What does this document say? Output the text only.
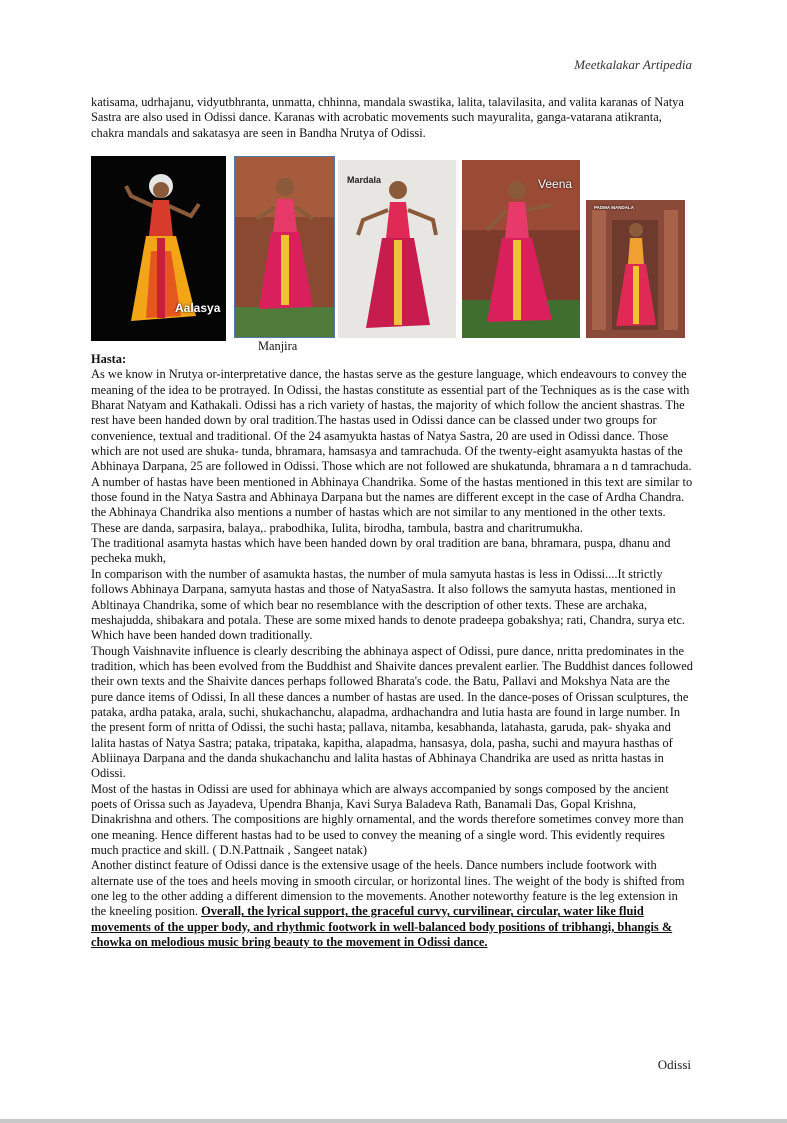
Meetkalakar Artipedia

katisama, udrhajanu, vidyutbhranta, unmatta, chhinna, mandala swastika, lalita, talavilasita, and valita karanas of Natya Sastra are also used in Odissi dance. Karanas with acrobatic movements such mayuralita, ganga-vatarana atikranta, chakra mandals and sakatasya are seen in Bandha Nrutya of Odissi.

Aalasya
Mardala	Veena
PADMA MANDALA
Manjira

Hasta:

As we know in Nrutya or-interpretative dance, the hastas serve as the gesture language, which endeavours to convey the meaning of the idea to be protrayed. In Odissi, the hastas constitute as essential part of the Techniques as is the case with Bharat Natyam and Kathakali. Odissi has a rich variety of hastas, the majority of which follow the ancient shastras. The rest have been handed down by oral tradition.The hastas used in Odissi dance can be classed under two groups for convenience, textual and traditional. Of the 24 asamyukta hastas of Natya Sastra, 20 are used in Odissi dance. Those which are not used are shuka- tunda, bhramara, hamsasya and tamrachuda. Of the twenty-eight asamyukta hastas of the Abhinaya Darpana, 25 are followed in Odissi. Those which are not followed are shukatunda, bhramara a n d tamrachuda. A number of hastas have been mentioned in Abhinaya Chandrika. Some of the hastas mentioned in this text are similar to those found in the Natya Sastra and Abhinaya Darpana but the names are different except in the case of Ardha Chandra.

the Abhinaya Chandrika also mentions a number of hastas which are not similar to any mentioned in the other texts. These are danda, sarpasira, balaya,. prabodhika, Iulita, birodha, tambula, bastra and charitrumukha.

The traditional asamyta hastas which have been handed down by oral tradition are bana, bhramara, puspa, dhanu and pecheka mukh,

In comparison with the number of asamukta hastas, the number of mula samyuta hastas is less in Odissi....It strictly follows Abhinaya Darpana, samyuta hastas and those of NatyaSastra. It also follows the samyuta hastas, mentioned in Abltinaya Chandrika, some of which bear no resemblance with the description of other texts. These are archaka, meshajudda, shibakara and potala. These are some mixed hands to denote pradeepa gobakshya; rati, Chandra, surya etc. Which have been handed down traditionally.

Though Vaishnavite influence is clearly describing the abhinaya aspect of Odissi, pure dance, nritta predominates in the tradition, which has been evolved from the Buddhist and Shaivite dances prevalent earlier. The Buddhist dances followed their own texts and the Shaivite dances perhaps followed Bharata's code. the Batu, Pallavi and Mokshya Nata are the pure dance items of Odissi, In all these dances a number of hastas are used. In the dance-poses of Orissan sculptures, the pataka, ardha pataka, arala, suchi, shukachanchu, alapadma, ardhachandra and lutia hasta are found in large number. In the present form of nritta of Odissi, the suchi hasta; pallava, nitamba, kesabhanda, latahasta, garuda, pak- shyaka and lalita hastas of Natya Sastra; pataka, tripataka, kapitha, alapadma, hansasya, dola, pasha, suchi and mayura hasthas of Abliinaya Darpana and the danda shukachanchu and lalita hastas of Abhinaya Chandrika are used as nritta hastas in Odissi.

Most of the hastas in Odissi are used for abhinaya which are always accompanied by songs composed by the ancient poets of Orissa such as Jayadeva, Upendra Bhanja, Kavi Surya Baladeva Rath, Banamali Das, Gopal Krishna, Dinakrishna and others. The compositions are highly ornamental, and the words therefore sometimes convey more than one meaning. Hence different hastas had to be used to convey the meaning of a single word. This evidently requires much practice and skill. ( D.N.Pattnaik , Sangeet natak)

Another distinct feature of Odissi dance is the extensive usage of the heels. Dance numbers include footwork with alternate use of the toes and heels moving in smooth circular, or horizontal lines. The weight of the body is shifted from one leg to the other adding a different dimension to the movements. Another noteworthy feature is the leg extension in the kneeling position. Overall, the lyrical support, the graceful curvy, curvilinear, circular, water like fluid movements of the upper body, and rhythmic footwork in well-balanced body positions of tribhangi, bhangis & chowka on melodious music bring beauty to the movement in Odissi dance.

Odissi
